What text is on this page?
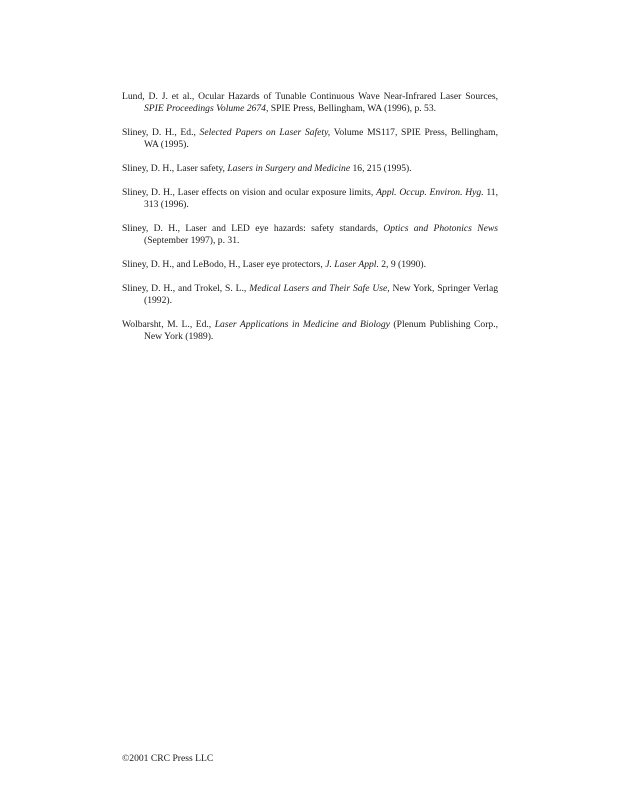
Lund, D. J. et al., Ocular Hazards of Tunable Continuous Wave Near-Infrared Laser Sources, SPIE Proceedings Volume 2674, SPIE Press, Bellingham, WA (1996), p. 53.

Sliney, D. H., Ed., Selected Papers on Laser Safety, Volume MS117, SPIE Press, Bellingham, WA (1995).

Sliney, D. H., Laser safety, Lasers in Surgery and Medicine 16, 215 (1995).

Sliney, D. H., Laser effects on vision and ocular exposure limits, Appl. Occup. Environ. Hyg. 11, 313 (1996).

Sliney, D. H., Laser and LED eye hazards: safety standards, Optics and Photonics News (September 1997), p. 31.

Sliney, D. H., and LeBodo, H., Laser eye protectors, J. Laser Appl. 2, 9 (1990).

Sliney, D. H., and Trokel, S. L., Medical Lasers and Their Safe Use, New York, Springer Verlag (1992).

Wolbarsht, M. L., Ed., Laser Applications in Medicine and Biology (Plenum Publishing Corp., New York (1989).

©2001 CRC Press LLC
